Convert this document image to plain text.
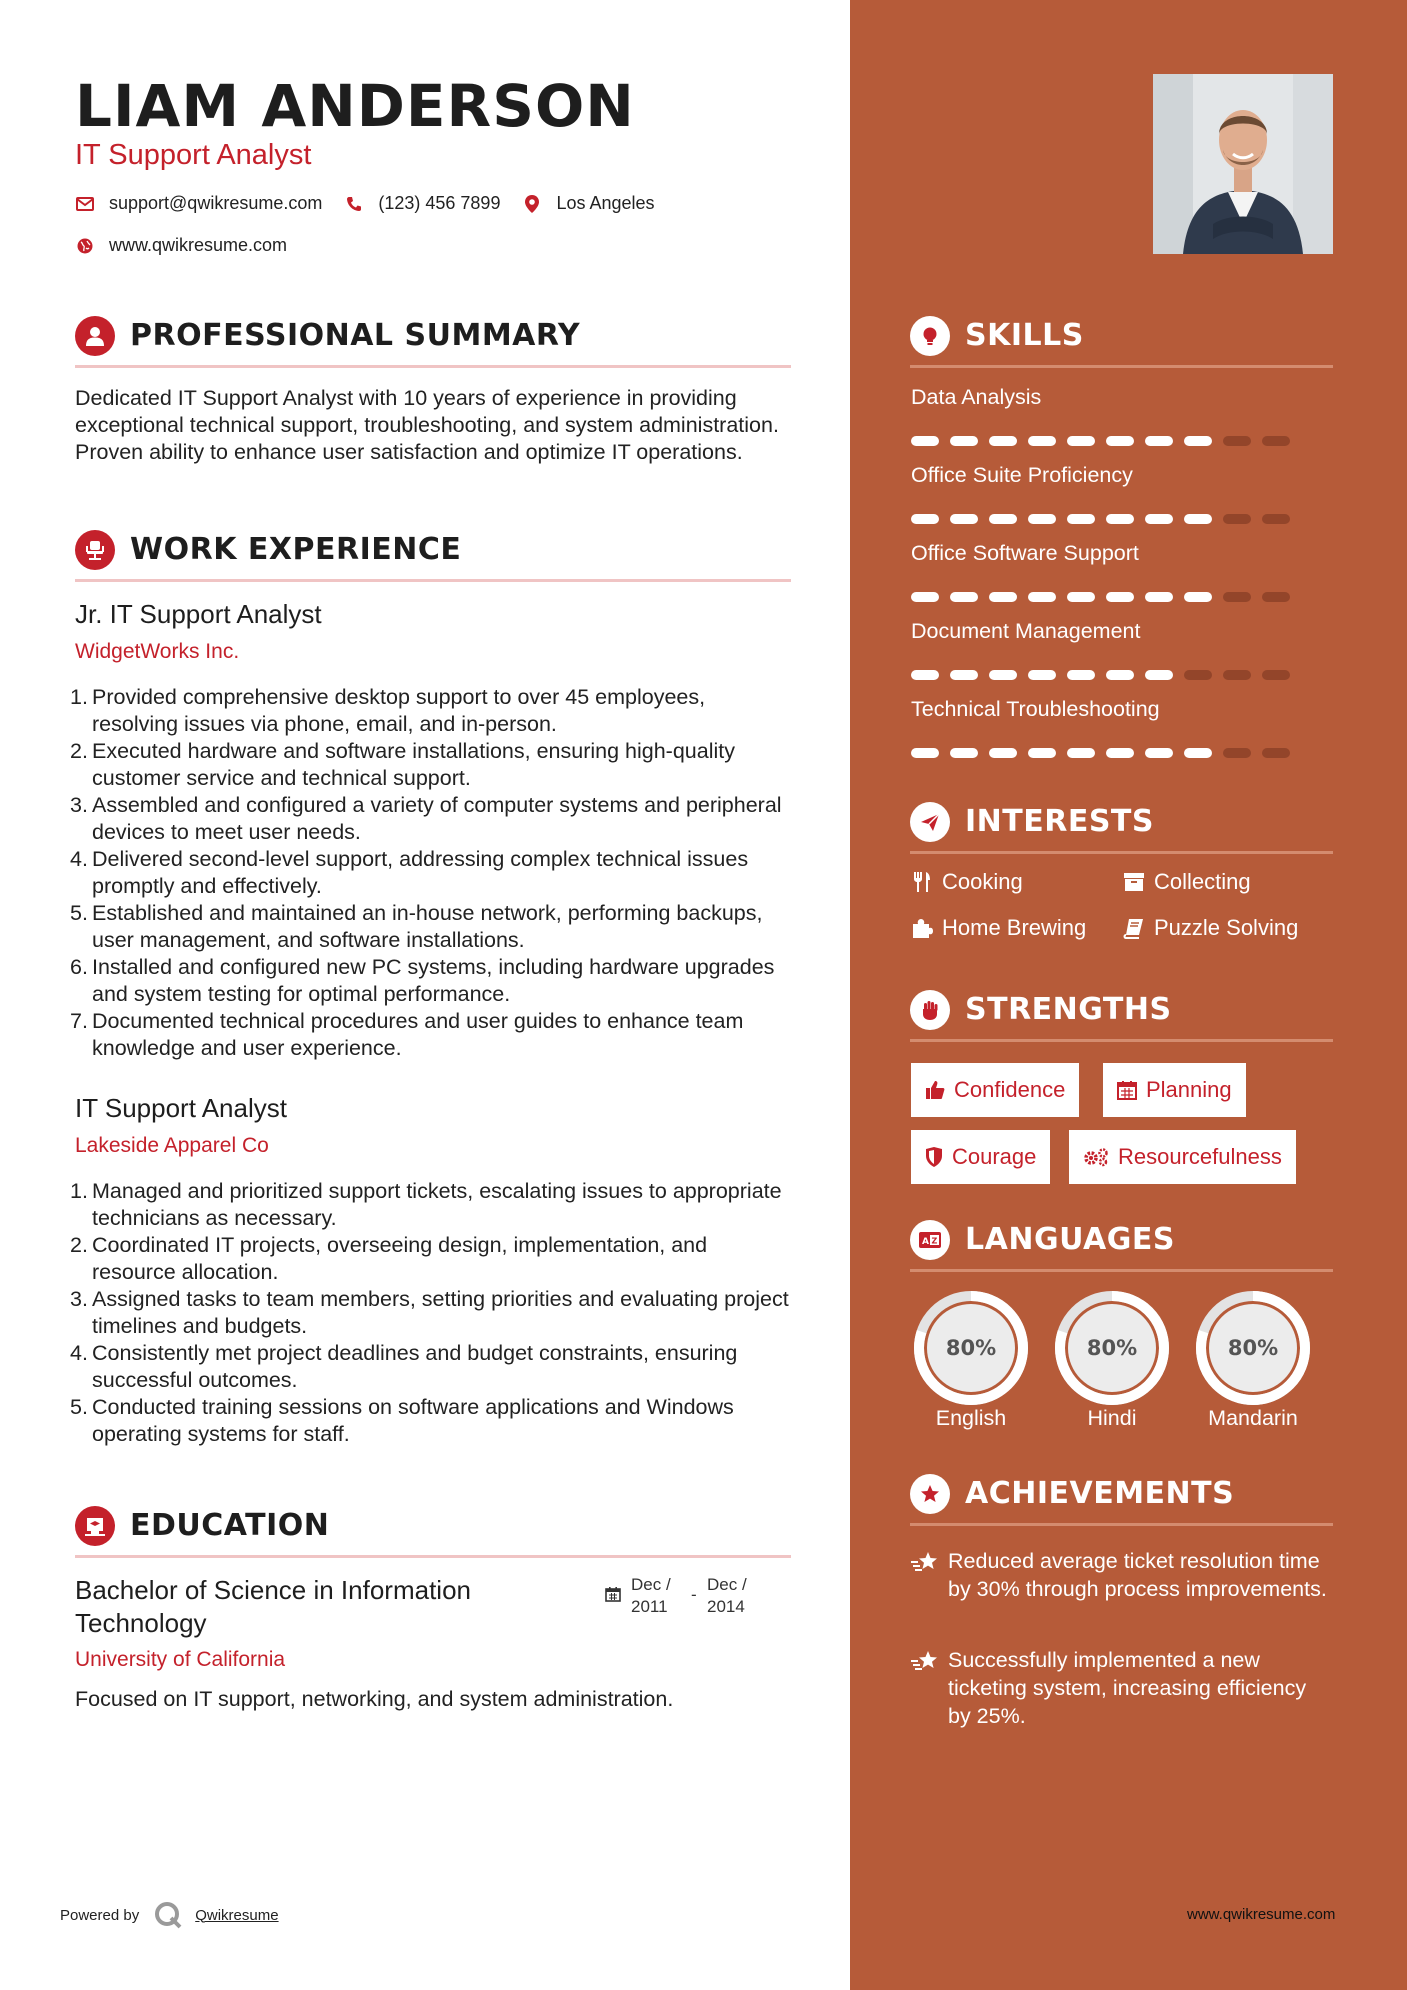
LIAM ANDERSON
IT Support Analyst
support@qwikresume.com	(123) 456 7899	Los Angeles
www.qwikresume.com
PROFESSIONAL SUMMARY
Dedicated IT Support Analyst with 10 years of experience in providing exceptional technical support, troubleshooting, and system administration. Proven ability to enhance user satisfaction and optimize IT operations.
WORK EXPERIENCE
Jr. IT Support Analyst
WidgetWorks Inc.
1. Provided comprehensive desktop support to over 45 employees, resolving issues via phone, email, and in-person.
2. Executed hardware and software installations, ensuring high-quality customer service and technical support.
3. Assembled and configured a variety of computer systems and peripheral devices to meet user needs.
4. Delivered second-level support, addressing complex technical issues promptly and effectively.
5. Established and maintained an in-house network, performing backups, user management, and software installations.
6. Installed and configured new PC systems, including hardware upgrades and system testing for optimal performance.
7. Documented technical procedures and user guides to enhance team knowledge and user experience.
IT Support Analyst
Lakeside Apparel Co
1. Managed and prioritized support tickets, escalating issues to appropriate technicians as necessary.
2. Coordinated IT projects, overseeing design, implementation, and resource allocation.
3. Assigned tasks to team members, setting priorities and evaluating project timelines and budgets.
4. Consistently met project deadlines and budget constraints, ensuring successful outcomes.
5. Conducted training sessions on software applications and Windows operating systems for staff.
EDUCATION
Bachelor of Science in Information Technology
Dec / 2011
-
Dec / 2014
University of California
Focused on IT support, networking, and system administration.
Powered by	Qwikresume
SKILLS
Data Analysis
Office Suite Proficiency
Office Software Support
Document Management
Technical Troubleshooting
INTERESTS
Cooking	Collecting
Home Brewing	Puzzle Solving
STRENGTHS
Confidence	Planning
Courage	Resourcefulness
A Z LANGUAGES
80%	80%	80%
English	Hindi	Mandarin
ACHIEVEMENTS
Reduced average ticket resolution time by 30% through process improvements.
Successfully implemented a new ticketing system, increasing efficiency by 25%.
www.qwikresume.com
